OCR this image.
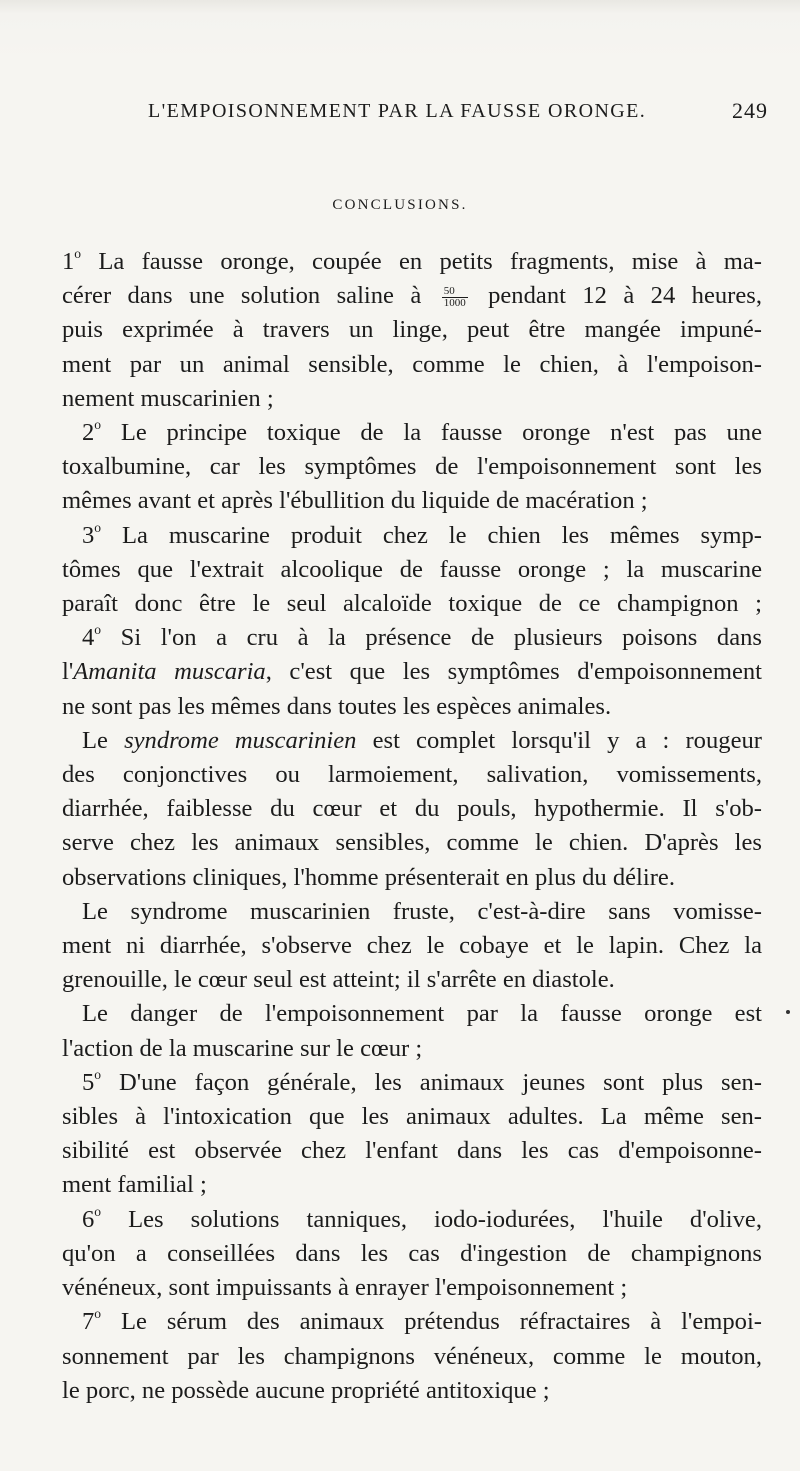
L'EMPOISONNEMENT PAR LA FAUSSE ORONGE.	249
CONCLUSIONS.
1$^o$ La fausse oronge, coupée en petits fragments, mise à ma-
cérer dans une solution saline à $\frac{50}{1000}$ pendant 12 à 24 heures,
puis exprimée à travers un linge, peut être mangée impuné-
ment par un animal sensible, comme le chien, à l'empoison-
nement muscarinien ;
2$^o$ Le principe toxique de la fausse oronge n'est pas une
toxalbumine, car les symptômes de l'empoisonnement sont les
mêmes avant et après l'ébullition du liquide de macération ;
3$^o$ La muscarine produit chez le chien les mêmes symp-
tômes que l'extrait alcoolique de fausse oronge ; la muscarine
paraît donc être le seul alcaloïde toxique de ce champignon ;
4$^o$ Si l'on a cru à la présence de plusieurs poisons dans
l'Amanita muscaria, c'est que les symptômes d'empoisonnement
ne sont pas les mêmes dans toutes les espèces animales.
Le syndrome muscarinien est complet lorsqu'il y a : rougeur
des conjonctives ou larmoiement, salivation, vomissements,
diarrhée, faiblesse du cœur et du pouls, hypothermie. Il s'ob-
serve chez les animaux sensibles, comme le chien. D'après les
observations cliniques, l'homme présenterait en plus du délire.
Le syndrome muscarinien fruste, c'est-à-dire sans vomisse-
ment ni diarrhée, s'observe chez le cobaye et le lapin. Chez la
grenouille, le cœur seul est atteint; il s'arrête en diastole.
Le danger de l'empoisonnement par la fausse oronge est
l'action de la muscarine sur le cœur ;
5$^o$ D'une façon générale, les animaux jeunes sont plus sen-
sibles à l'intoxication que les animaux adultes. La même sen-
sibilité est observée chez l'enfant dans les cas d'empoisonne-
ment familial ;
6$^o$ Les solutions tanniques, iodo-iodurées, l'huile d'olive,
qu'on a conseillées dans les cas d'ingestion de champignons
vénéneux, sont impuissants à enrayer l'empoisonnement ;
7$^o$ Le sérum des animaux prétendus réfractaires à l'empoi-
sonnement par les champignons vénéneux, comme le mouton,
le porc, ne possède aucune propriété antitoxique ;
